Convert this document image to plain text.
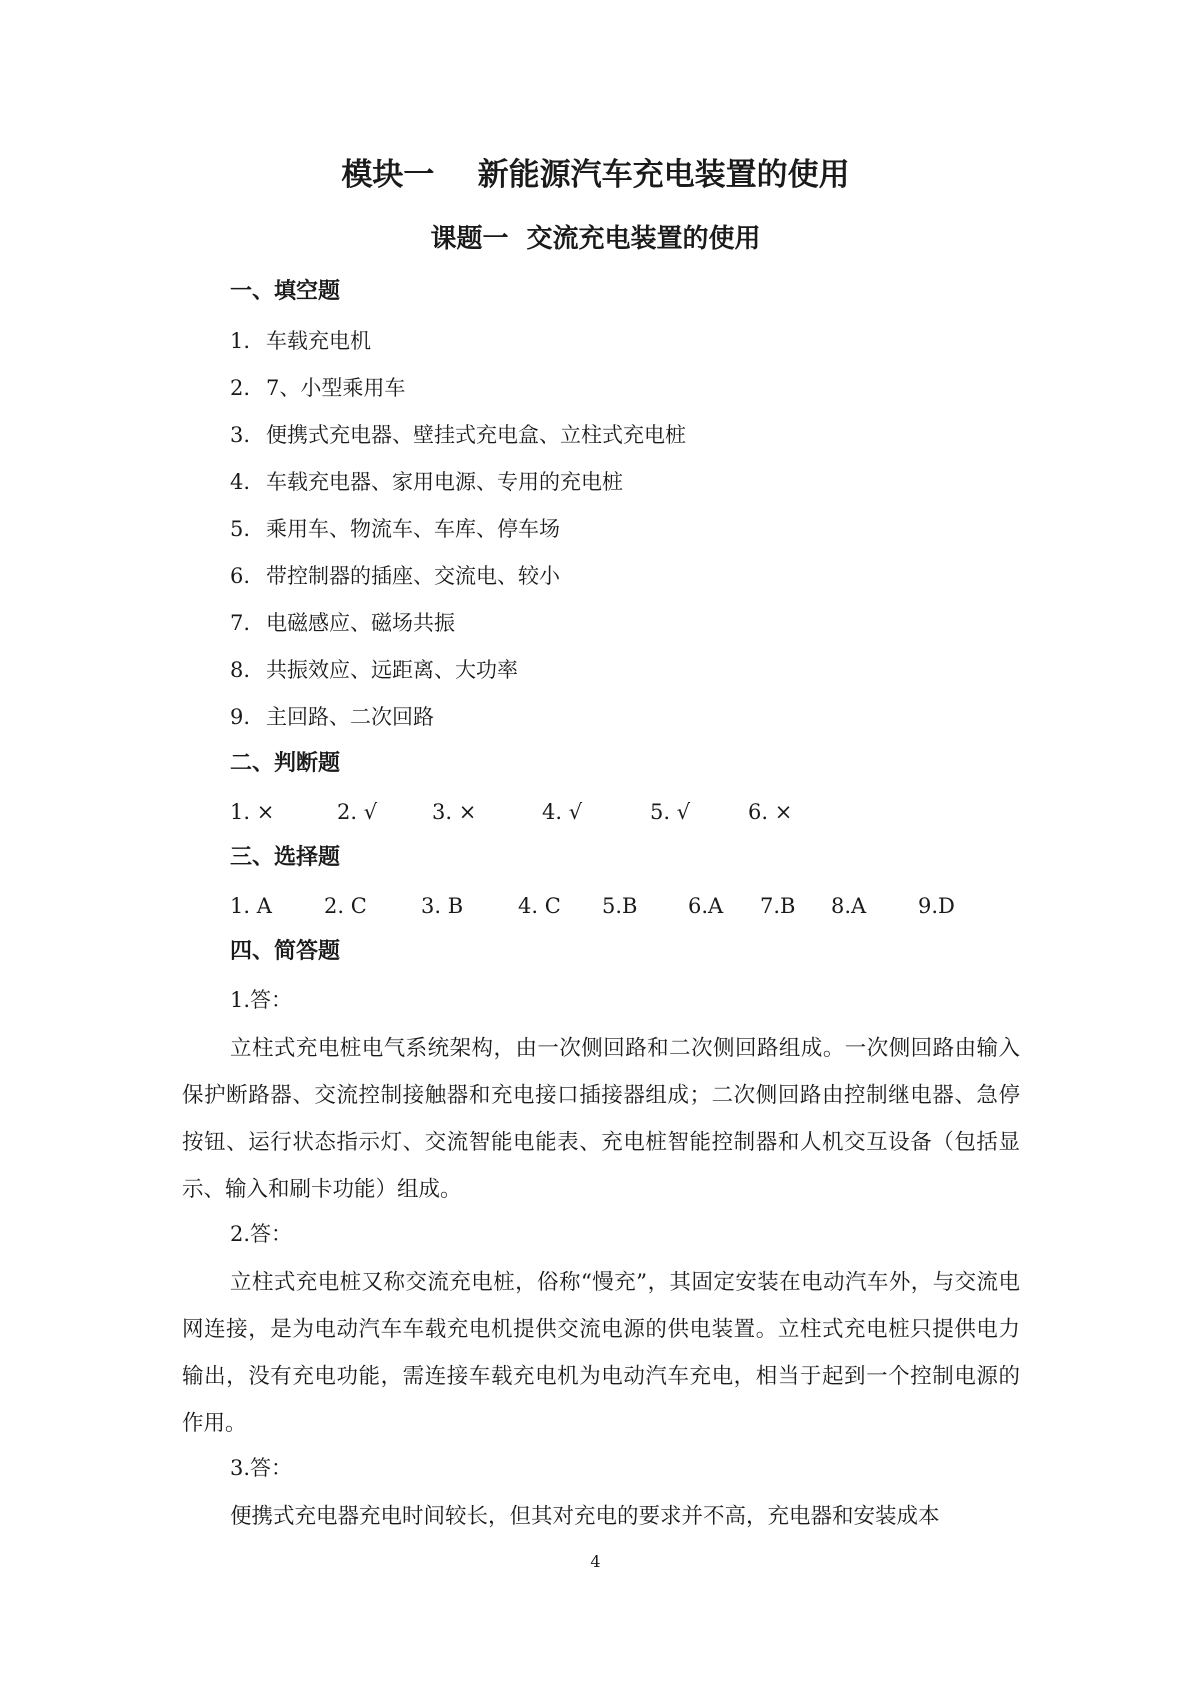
模块一    新能源汽车充电装置的使用
课题一  交流充电装置的使用
一、填空题
1. 车载充电机
2. 7、小型乘用车
3. 便携式充电器、壁挂式充电盒、立柱式充电桩
4. 车载充电器、家用电源、专用的充电桩
5. 乘用车、物流车、车库、停车场
6. 带控制器的插座、交流电、较小
7. 电磁感应、磁场共振
8. 共振效应、远距离、大功率
9. 主回路、二次回路
二、判断题
1. ×	2. √	3. ×	4. √	5. √	6. ×
三、选择题
1. A 2. C	3. B	4. C 5.B 6.A 7.B 8.A 9.D
四、简答题
1.答：
立柱式充电桩电气系统架构，由一次侧回路和二次侧回路组成。一次侧回路由输入保护断路器、交流控制接触器和充电接口插接器组成；二次侧回路由控制继电器、急停按钮、运行状态指示灯、交流智能电能表、充电桩智能控制器和人机交互设备（包括显示、输入和刷卡功能）组成。
2.答：
立柱式充电桩又称交流充电桩，俗称“慢充”，其固定安装在电动汽车外，与交流电网连接，是为电动汽车车载充电机提供交流电源的供电装置。立柱式充电桩只提供电力输出，没有充电功能，需连接车载充电机为电动汽车充电，相当于起到一个控制电源的作用。
3.答：
便携式充电器充电时间较长，但其对充电的要求并不高，充电器和安装成本
4
